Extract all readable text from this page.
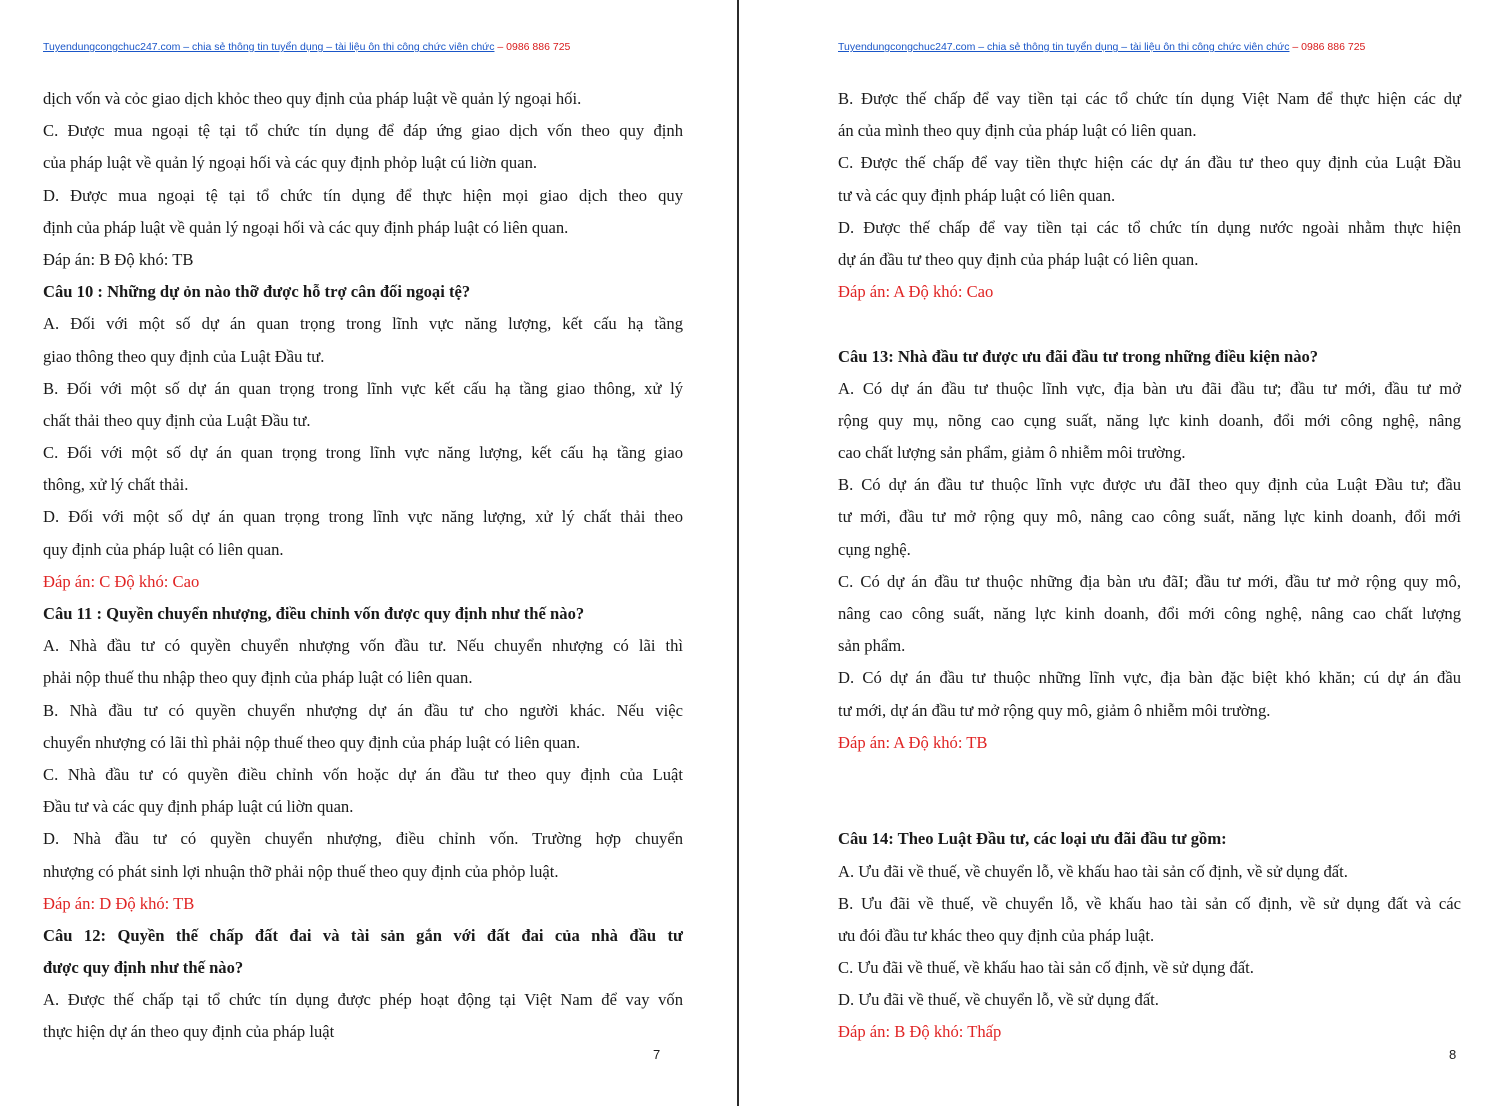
Tuyendungcongchuc247.com – chia sẻ thông tin tuyển dụng – tài liệu ôn thi công chức viên chức – 0986 886 725
dịch vốn và cỏc giao dịch khỏc theo quy định của pháp luật về quản lý ngoại hối.
C. Được mua ngoại tệ tại tổ chức tín dụng để đáp ứng giao dịch vốn theo quy định
của pháp luật về quản lý ngoại hối và các quy định phỏp luật cú liờn quan.
D. Được mua ngoại tệ tại tổ chức tín dụng để thực hiện mọi giao dịch theo quy
định của pháp luật về quản lý ngoại hối và các quy định pháp luật có liên quan.
Đáp án: B Độ khó: TB
Câu 10 : Những dự ỏn nào thỡ được hỗ trợ cân đối ngoại tệ?
A. Đối với một số dự án quan trọng trong lĩnh vực năng lượng, kết cấu hạ tầng
giao thông theo quy định của Luật Đầu tư.
B. Đối với một số dự án quan trọng trong lĩnh vực kết cấu hạ tầng giao thông, xử lý
chất thải theo quy định của Luật Đầu tư.
C. Đối với một số dự án quan trọng trong lĩnh vực năng lượng, kết cấu hạ tầng giao
thông, xử lý chất thải.
D. Đối với một số dự án quan trọng trong lĩnh vực năng lượng, xử lý chất thải theo
quy định của pháp luật có liên quan.
Đáp án: C Độ khó: Cao
Câu 11 : Quyền chuyển nhượng, điều chỉnh vốn được quy định như thế nào?
A. Nhà đầu tư có quyền chuyển nhượng vốn đầu tư. Nếu chuyển nhượng có lãi thì
phải nộp thuế thu nhập theo quy định của pháp luật có liên quan.
B. Nhà đầu tư có quyền chuyển nhượng dự án đầu tư cho người khác. Nếu việc
chuyển nhượng có lãi thì phải nộp thuế theo quy định của pháp luật có liên quan.
C. Nhà đầu tư có quyền điều chỉnh vốn hoặc dự án đầu tư theo quy định của Luật
Đầu tư và các quy định pháp luật cú liờn quan.
D. Nhà đầu tư có quyền chuyển nhượng, điều chỉnh vốn. Trường hợp chuyển
nhượng có phát sinh lợi nhuận thỡ phải nộp thuế theo quy định của phỏp luật.
Đáp án: D Độ khó: TB
Câu 12: Quyền thế chấp đất đai và tài sản gắn với đất đai của nhà đầu tư
được quy định như thế nào?
A. Được thế chấp tại tổ chức tín dụng được phép hoạt động tại Việt Nam để vay vốn
thực hiện dự án theo quy định của pháp luật
7
Tuyendungcongchuc247.com – chia sẻ thông tin tuyển dụng – tài liệu ôn thi công chức viên chức – 0986 886 725
B. Được thế chấp để vay tiền tại các tổ chức tín dụng Việt Nam để thực hiện các dự
án của mình theo quy định của pháp luật có liên quan.
C. Được thế chấp để vay tiền thực hiện các dự án đầu tư theo quy định của Luật Đầu
tư và các quy định pháp luật có liên quan.
D. Được thế chấp để vay tiền tại các tổ chức tín dụng nước ngoài nhằm thực hiện
dự án đầu tư theo quy định của pháp luật có liên quan.
Đáp án: A Độ khó: Cao
Câu 13: Nhà đầu tư được ưu đãi đầu tư trong những điều kiện nào?
A. Có dự án đầu tư thuộc lĩnh vực, địa bàn ưu đãi đầu tư; đầu tư mới, đầu tư mở
rộng quy mụ, nõng cao cụng suất, năng lực kinh doanh, đổi mới công nghệ, nâng
cao chất lượng sản phẩm, giảm ô nhiễm môi trường.
B. Có dự án đầu tư thuộc lĩnh vực được ưu đãI theo quy định của Luật Đầu tư; đầu
tư mới, đầu tư mở rộng quy mô, nâng cao công suất, năng lực kinh doanh, đổi mới
cụng nghệ.
C. Có dự án đầu tư thuộc những địa bàn ưu đãI; đầu tư mới, đầu tư mở rộng quy mô,
nâng cao công suất, năng lực kinh doanh, đổi mới công nghệ, nâng cao chất lượng
sản phẩm.
D. Có dự án đầu tư thuộc những lĩnh vực, địa bàn đặc biệt khó khăn; cú dự án đầu
tư mới, dự án đầu tư mở rộng quy mô, giảm ô nhiễm môi trường.
Đáp án: A Độ khó: TB
Câu 14: Theo Luật Đầu tư, các loại ưu đãi đầu tư gồm:
A. Ưu đãi về thuế, về chuyển lỗ, về khấu hao tài sản cố định, về sử dụng đất.
B. Ưu đãi về thuế, về chuyển lỗ, về khấu hao tài sản cố định, về sử dụng đất và các
ưu đói đầu tư khác theo quy định của pháp luật.
C. Ưu đãi về thuế, về khấu hao tài sản cố định, về sử dụng đất.
D. Ưu đãi về thuế, về chuyển lỗ, về sử dụng đất.
Đáp án: B Độ khó: Thấp
8
